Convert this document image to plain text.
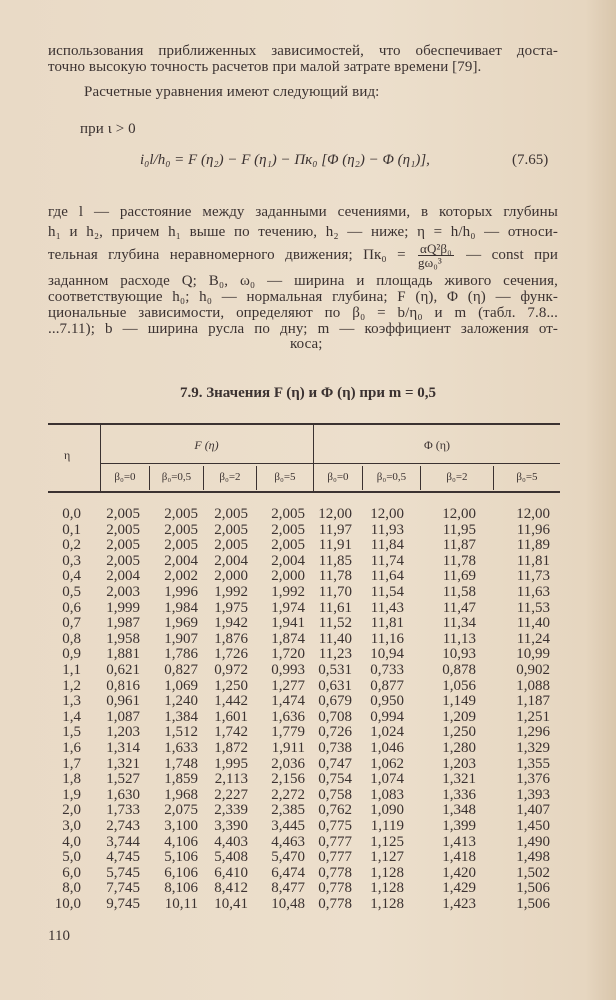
использования приближенных зависимостей, что обеспечивает доста-
точно высокую точность расчетов при малой затрате времени [79].
Расчетные уравнения имеют следующий вид:
при ι > 0
i₀l/h₀ = F (η₂) − F (η₁) − Пк₀ [Φ (η₂) − Φ (η₁)],	(7.65)
где l — расстояние между заданными сечениями, в которых глубины
h₁ и h₂, причем h₁ выше по течению, h₂ — ниже; η = h/h₀ — относи-
тельная глубина неравномерного движения; $Пк_0 = \frac{\text{αQ²β₀}}{\text{gω₀³}}$ — const при
заданном расходе Q; B₀, ω₀ — ширина и площадь живого сечения,
соответствующие h₀; h₀ — нормальная глубина; F (η), Φ (η) — функ-
циональные зависимости, определяют по β₀ = b/η₀ и m (табл. 7.8...
...7.11); b — ширина русла по дну; m — коэффициент заложения от-
коса;
7.9. Значения F (η) и Φ (η) при m = 0,5
η
F (η)	Φ (η)
β₀=0	β₀=0,5	β₀=2	β₀=5	β₀=0	β₀=0,5	β₀=2	β₀=5
0,0 2,005 2,005 2,005 2,005 12,00 12,00	12,00	12,00
0,1 2,005 2,005 2,005 2,005 11,97 11,93	11,95	11,96
0,2 2,005 2,005 2,005 2,005 11,91 11,84	11,87	11,89
0,3 2,005 2,004 2,004 2,004 11,85 11,74	11,78	11,81
0,4 2,004 2,002 2,000 2,000 11,78 11,64	11,69	11,73
0,5 2,003 1,996 1,992 1,992 11,70 11,54	11,58	11,63
0,6 1,999 1,984 1,975 1,974 11,61 11,43	11,47	11,53
0,7 1,987 1,969 1,942 1,941 11,52 11,81	11,34	11,40
0,8 1,958 1,907 1,876 1,874 11,40 11,16	11,13	11,24
0,9 1,881 1,786 1,726 1,720 11,23 10,94	10,93	10,99
1,1 0,621 0,827 0,972 0,993 0,531 0,733	0,878	0,902
1,2 0,816 1,069 1,250 1,277 0,631 0,877	1,056	1,088
1,3 0,961 1,240 1,442 1,474 0,679 0,950	1,149	1,187
1,4 1,087 1,384 1,601 1,636 0,708 0,994	1,209	1,251
1,5 1,203 1,512 1,742 1,779 0,726 1,024	1,250	1,296
1,6 1,314 1,633 1,872 1,911 0,738 1,046	1,280	1,329
1,7 1,321 1,748 1,995 2,036 0,747 1,062	1,203	1,355
1,8 1,527 1,859 2,113 2,156 0,754 1,074	1,321	1,376
1,9 1,630 1,968 2,227 2,272 0,758 1,083	1,336	1,393
2,0 1,733 2,075 2,339 2,385 0,762 1,090	1,348	1,407
3,0 2,743 3,100 3,390 3,445 0,775 1,119	1,399	1,450
4,0 3,744 4,106 4,403 4,463 0,777 1,125	1,413	1,490
5,0 4,745 5,106 5,408 5,470 0,777 1,127	1,418	1,498
6,0 5,745 6,106 6,410 6,474 0,778 1,128	1,420	1,502
8,0 7,745 8,106 8,412 8,477 0,778 1,128	1,429	1,506
10,0 9,745 10,11 10,41 10,48 0,778 1,128	1,423	1,506
110
